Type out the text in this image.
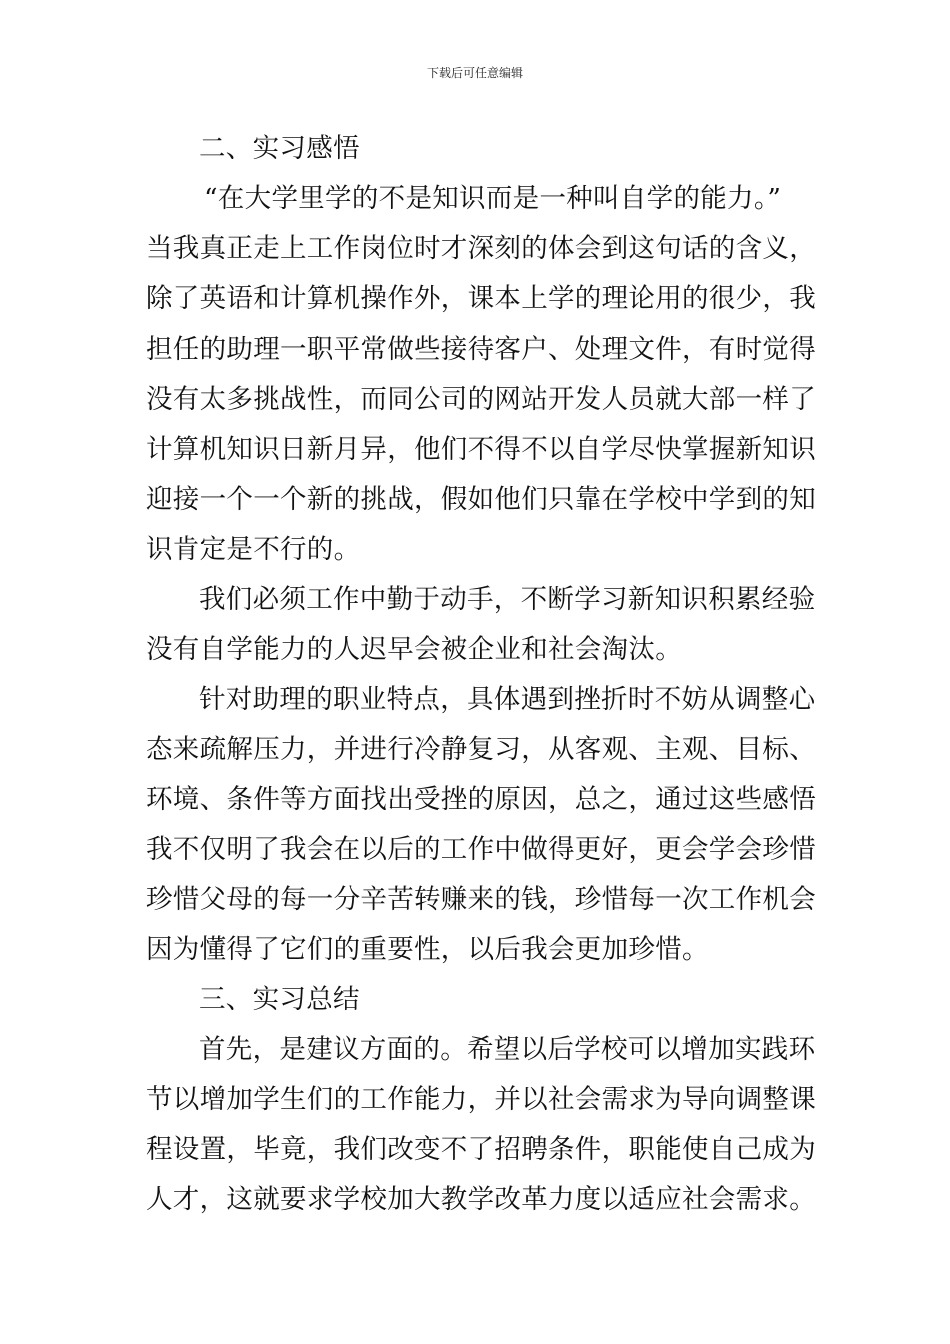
下载后可任意编辑
二、实习感悟
“在大学里学的不是知识而是一种叫自学的能力。”
当我真正走上工作岗位时才深刻的体会到这句话的含义，
除了英语和计算机操作外，课本上学的理论用的很少，我
担任的助理一职平常做些接待客户、处理文件，有时觉得
没有太多挑战性，而同公司的网站开发人员就大部一样了
计算机知识日新月异，他们不得不以自学尽快掌握新知识
迎接一个一个新的挑战，假如他们只靠在学校中学到的知
识肯定是不行的。
我们必须工作中勤于动手，不断学习新知识积累经验
没有自学能力的人迟早会被企业和社会淘汰。
针对助理的职业特点，具体遇到挫折时不妨从调整心
态来疏解压力，并进行冷静复习，从客观、主观、目标、
环境、条件等方面找出受挫的原因，总之，通过这些感悟
我不仅明了我会在以后的工作中做得更好，更会学会珍惜
珍惜父母的每一分辛苦转赚来的钱，珍惜每一次工作机会
因为懂得了它们的重要性，以后我会更加珍惜。
三、实习总结
首先，是建议方面的。希望以后学校可以增加实践环
节以增加学生们的工作能力，并以社会需求为导向调整课
程设置，毕竟，我们改变不了招聘条件，职能使自己成为
人才，这就要求学校加大教学改革力度以适应社会需求。
